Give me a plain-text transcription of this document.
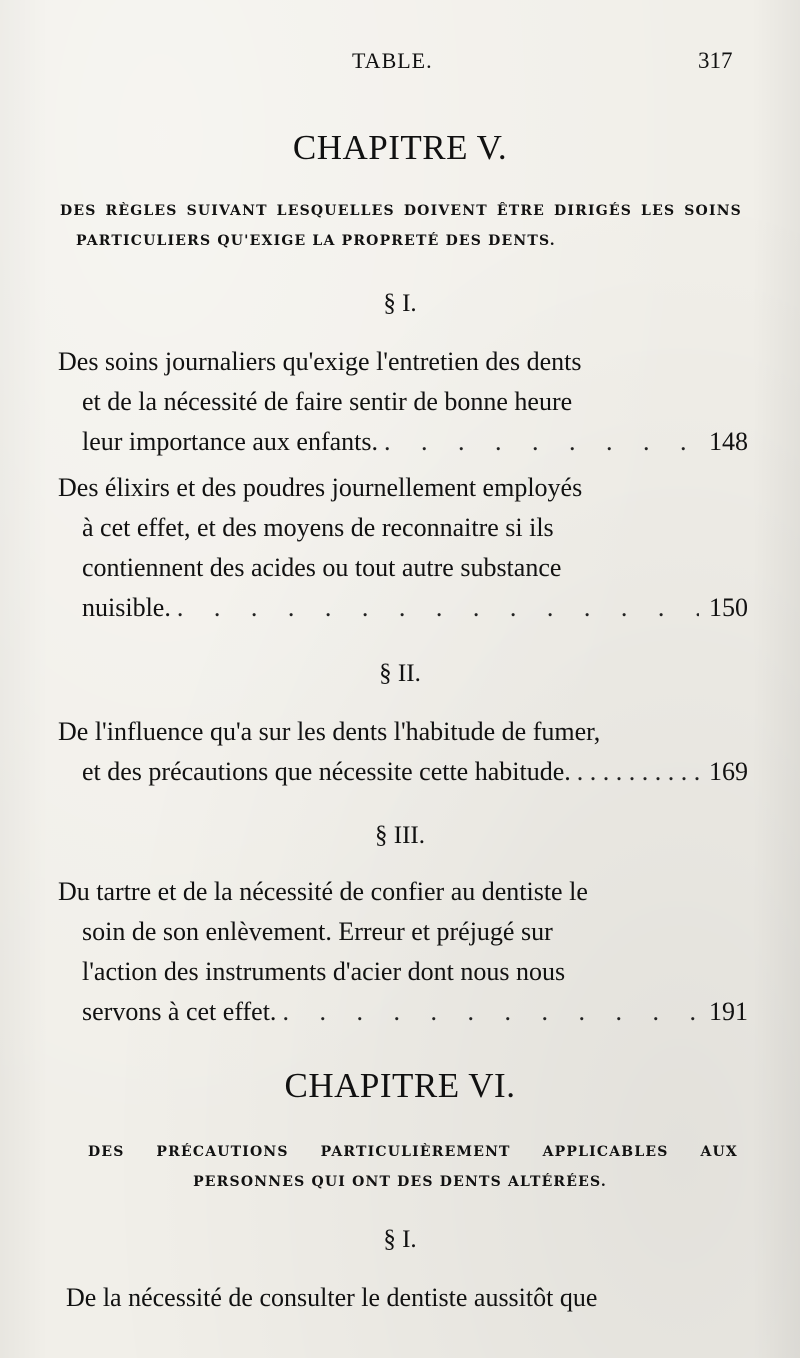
TABLE.	317
CHAPITRE V.
DES RÈGLES SUIVANT LESQUELLES DOIVENT ÊTRE DIRIGÉS LES SOINS PARTICULIERS QU'EXIGE LA PROPRETÉ DES DENTS.
§ I.
Des soins journaliers qu'exige l'entretien des dents
et de la nécessité de faire sentir de bonne heure
leur importance aux enfants. . . .	148
Des élixirs et des poudres journellement employés
à cet effet, et des moyens de reconnaitre si ils
contiennent des acides ou tout autre substance
nuisible. . . .	150
§ II.
De l'influence qu'a sur les dents l'habitude de fumer,
et des précautions que nécessite cette habitude. . . .	169
§ III.
Du tartre et de la nécessité de confier au dentiste le
soin de son enlèvement. Erreur et préjugé sur
l'action des instruments d'acier dont nous nous
servons à cet effet. . . .	191
CHAPITRE VI.
DES PRÉCAUTIONS PARTICULIÈREMENT APPLICABLES AUX
PERSONNES QUI ONT DES DENTS ALTÉRÉES.
§ I.
De la nécessité de consulter le dentiste aussitôt que
